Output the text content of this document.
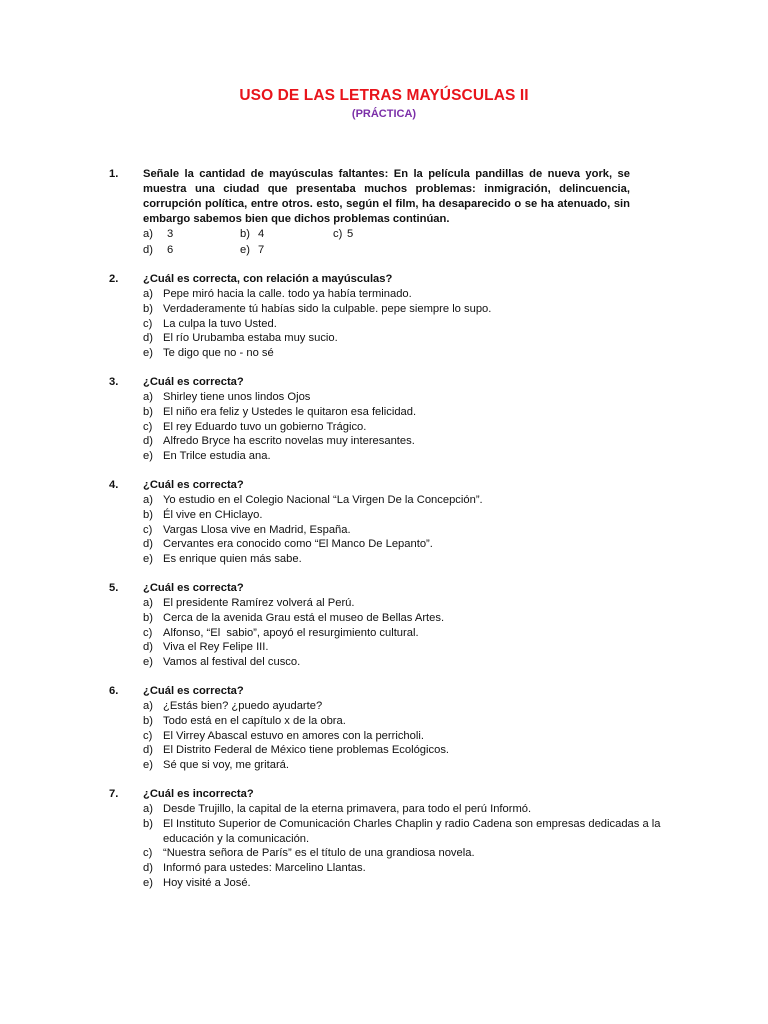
USO DE LAS LETRAS MAYÚSCULAS II
(PRÁCTICA)
1. Señale la cantidad de mayúsculas faltantes: En la película pandillas de nueva york, se muestra una ciudad que presentaba muchos problemas: inmigración, delincuencia, corrupción política, entre otros. esto, según el film, ha desaparecido o se ha atenuado, sin embargo sabemos bien que dichos problemas continúan.
a)	3	b) 4	c) 5
d)	6	e) 7
2. ¿Cuál es correcta, con relación a mayúsculas?
a) Pepe miró hacia la calle. todo ya había terminado.
b) Verdaderamente tú habías sido la culpable. pepe siempre lo supo.
c) La culpa la tuvo Usted.
d) El río Urubamba estaba muy sucio.
e) Te digo que no - no sé
3. ¿Cuál es correcta?
a) Shirley tiene unos lindos Ojos
b) El niño era feliz y Ustedes le quitaron esa felicidad.
c) El rey Eduardo tuvo un gobierno Trágico.
d) Alfredo Bryce ha escrito novelas muy interesantes.
e) En Trilce estudia ana.
4. ¿Cuál es correcta?
a) Yo estudio en el Colegio Nacional “La Virgen De la Concepción”.
b) Él vive en CHiclayo.
c) Vargas Llosa vive en Madrid, España.
d) Cervantes era conocido como “El Manco De Lepanto”.
e) Es enrique quien más sabe.
5. ¿Cuál es correcta?
a) El presidente Ramírez volverá al Perú.
b) Cerca de la avenida Grau está el museo de Bellas Artes.
c) Alfonso, “El  sabio”, apoyó el resurgimiento cultural.
d) Viva el Rey Felipe III.
e) Vamos al festival del cusco.
6. ¿Cuál es correcta?
a) ¿Estás bien? ¿puedo ayudarte?
b) Todo está en el capítulo x de la obra.
c) El Virrey Abascal estuvo en amores con la perricholi.
d) El Distrito Federal de México tiene problemas Ecológicos.
e) Sé que si voy, me gritará.
7. ¿Cuál es incorrecta?
a) Desde Trujillo, la capital de la eterna primavera, para todo el perú Informó.
b) El Instituto Superior de Comunicación Charles Chaplin y radio Cadena son empresas dedicadas a la educación y la comunicación.
c) “Nuestra señora de París” es el título de una grandiosa novela.
d) Informó para ustedes: Marcelino Llantas.
e) Hoy visité a José.
